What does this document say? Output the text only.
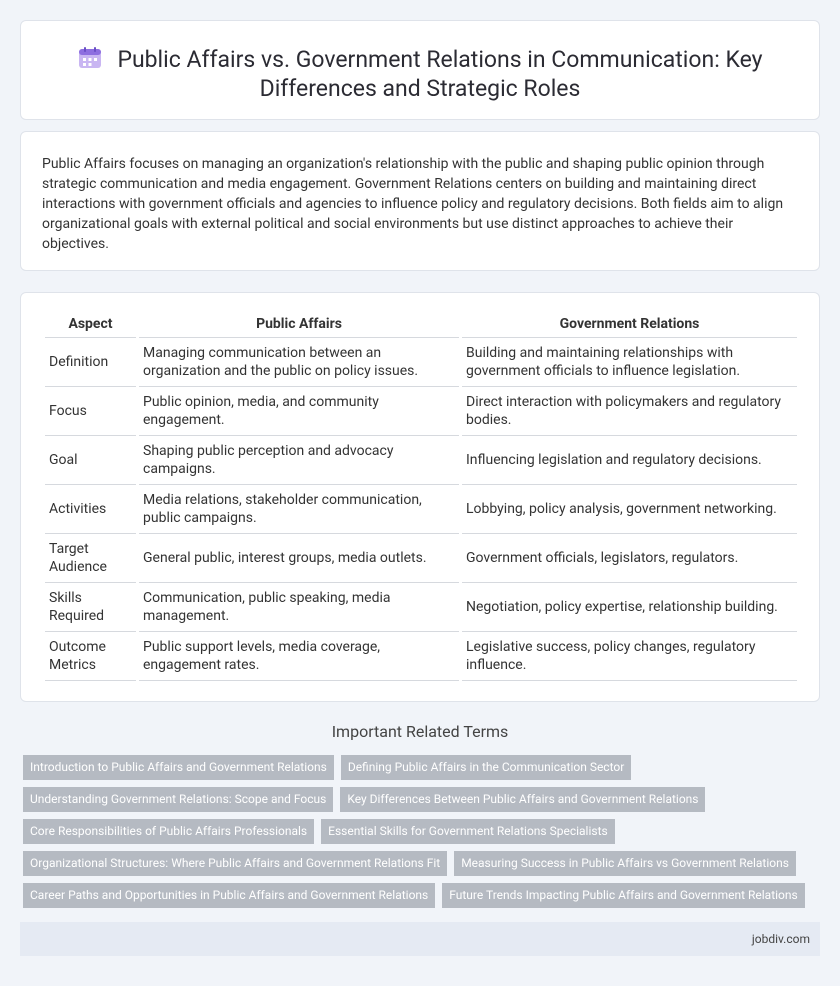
Public Affairs vs. Government Relations in Communication: Key Differences and Strategic Roles

Public Affairs focuses on managing an organization's relationship with the public and shaping public opinion through strategic communication and media engagement. Government Relations centers on building and maintaining direct interactions with government officials and agencies to influence policy and regulatory decisions. Both fields aim to align organizational goals with external political and social environments but use distinct approaches to achieve their objectives.

Aspect	Public Affairs	Government Relations
Definition	Managing communication between an organization and the public on policy issues.	Building and maintaining relationships with government officials to influence legislation.
Focus	Public opinion, media, and community engagement.	Direct interaction with policymakers and regulatory bodies.
Goal	Shaping public perception and advocacy campaigns.	Influencing legislation and regulatory decisions.
Activities	Media relations, stakeholder communication, public campaigns.	Lobbying, policy analysis, government networking.
Target Audience	General public, interest groups, media outlets.	Government officials, legislators, regulators.
Skills Required	Communication, public speaking, media management.	Negotiation, policy expertise, relationship building.
Outcome Metrics	Public support levels, media coverage, engagement rates.	Legislative success, policy changes, regulatory influence.
Important Related Terms
Introduction to Public Affairs and Government Relations	Defining Public Affairs in the Communication Sector
Understanding Government Relations: Scope and Focus	Key Differences Between Public Affairs and Government Relations
Core Responsibilities of Public Affairs Professionals	Essential Skills for Government Relations Specialists
Organizational Structures: Where Public Affairs and Government Relations Fit	Measuring Success in Public Affairs vs Government Relations
Career Paths and Opportunities in Public Affairs and Government Relations	Future Trends Impacting Public Affairs and Government Relations
jobdiv.com
